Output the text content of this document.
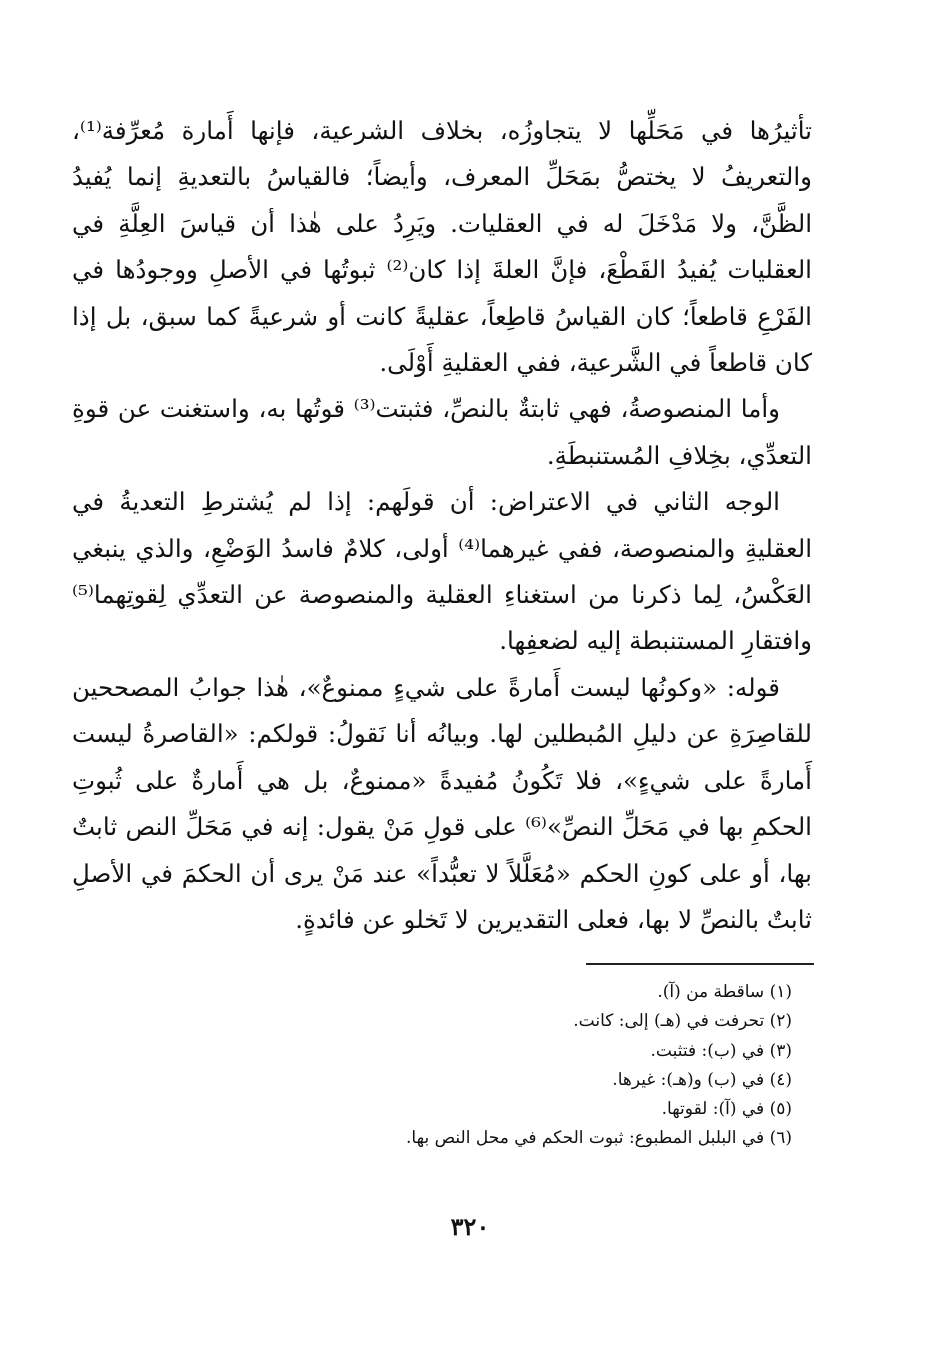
تأثيرُها في مَحَلِّها لا يتجاوزُه، بخلاف الشرعية، فإنها أَمارة مُعرِّفة⁽¹⁾، والتعريفُ لا يختصُّ بمَحَلِّ المعرف، وأيضاً؛ فالقياسُ بالتعديةِ إنما يُفيدُ الظَّنَّ، ولا مَدْخَلَ له في العقليات. ويَرِدُ على هٰذا أن قياسَ العِلَّةِ في العقليات يُفيدُ القَطْعَ، فإنَّ العلةَ إذا كان⁽²⁾ ثبوتُها في الأصلِ ووجودُها في الفَرْعِ قاطعاً؛ كان القياسُ قاطِعاً، عقليةً كانت أو شرعيةً كما سبق، بل إذا كان قاطعاً في الشَّرعية، ففي العقليةِ أَوْلَى.

وأما المنصوصةُ، فهي ثابتةٌ بالنصِّ، فثبتت⁽³⁾ قوتُها به، واستغنت عن قوةِ التعدِّي، بخِلافِ المُستنبطَةِ.

الوجه الثاني في الاعتراض: أن قولَهم: إذا لم يُشترطِ التعديةُ في العقليةِ والمنصوصة، ففي غيرهما⁽⁴⁾ أولى، كلامٌ فاسدُ الوَضْعِ، والذي ينبغي العَكْسُ، لِما ذكرنا من استغناءِ العقلية والمنصوصة عن التعدِّي لِقوتِهما⁽⁵⁾ وافتقارِ المستنبطة إليه لضعفِها.

قوله: «وكونُها ليست أَمارةً على شيءٍ ممنوعٌ»، هٰذا جوابُ المصححين للقاصِرَةِ عن دليلِ المُبطلين لها. وبيانُه أنا نَقولُ: قولكم: «القاصرةُ ليست أَمارةً على شيءٍ»، فلا تَكُونُ مُفيدةً «ممنوعٌ، بل هي أَمارةٌ على ثُبوتِ الحكمِ بها في مَحَلِّ النصِّ»⁽⁶⁾ على قولِ مَنْ يقول: إنه في مَحَلِّ النص ثابتٌ بها، أو على كونِ الحكم «مُعَلَّلاً لا تعبُّداً» عند مَنْ يرى أن الحكمَ في الأصلِ ثابتٌ بالنصِّ لا بها، فعلى التقديرين لا تَخلو عن فائدةٍ.

(١) ساقطة من (آ).
(٢) تحرفت في (هـ) إلى: كانت.
(٣) في (ب): فتثبت.
(٤) في (ب) و(هـ): غيرها.
(٥) في (آ): لقوتها.
(٦) في البلبل المطبوع: ثبوت الحكم في محل النص بها.
٣٢٠
